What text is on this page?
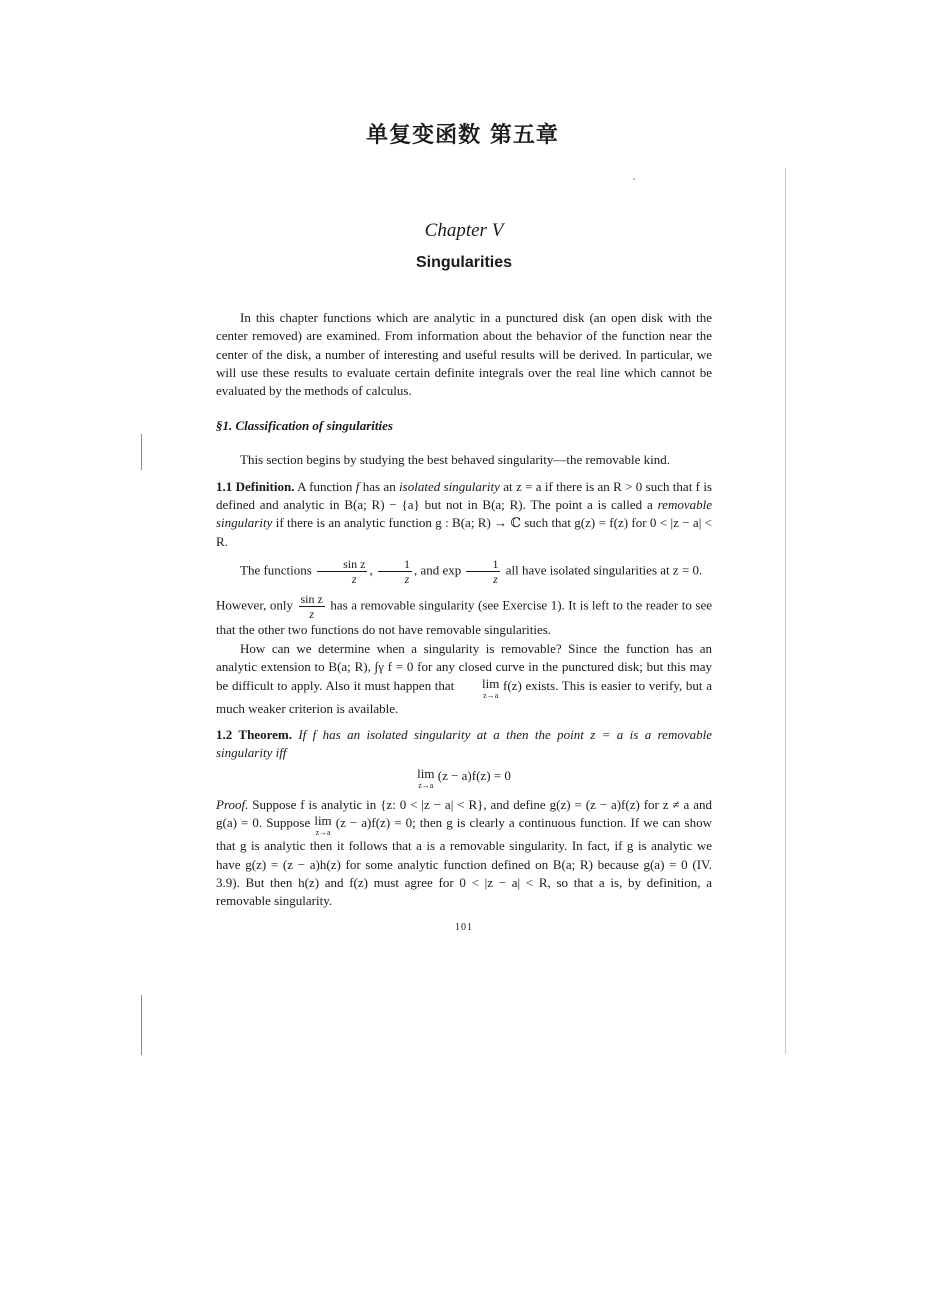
单复变函数 第五章
Chapter V
Singularities

In this chapter functions which are analytic in a punctured disk (an open disk with the center removed) are examined. From information about the behavior of the function near the center of the disk, a number of interesting and useful results will be derived. In particular, we will use these results to evaluate certain definite integrals over the real line which cannot be evaluated by the methods of calculus.

§1. Classification of singularities

This section begins by studying the best behaved singularity—the removable kind.

1.1 Definition. A function f has an isolated singularity at z = a if there is an R > 0 such that f is defined and analytic in B(a; R) − {a} but not in B(a; R). The point a is called a removable singularity if there is an analytic function g : B(a; R) → ℂ such that g(z) = f(z) for 0 < |z − a| < R.

The functions $\frac{\text{sin z}}{z}$ , $\frac{1}{z}$ , and $\exp \frac{1}{z}$ all have isolated singularities at z = 0.

However, only $\frac{\text{sin z}}{z}$ has a removable singularity (see Exercise 1). It is left to the reader to see that the other two functions do not have removable singularities.

How can we determine when a singularity is removable? Since the function has an analytic extension to B(a; R), ∫γ f = 0 for any closed curve in the punctured disk; but this may be difficult to apply. Also it must happen that lim
z→a
f(z) exists. This is easier to verify, but a much weaker criterion is available.

1.2 Theorem. If f has an isolated singularity at a then the point z = a is a removable singularity iff

lim
z→a
(z − a)f(z) = 0

Proof. Suppose f is analytic in {z: 0 < |z − a| < R}, and define g(z) = (z − a)f(z) for z ≠ a and g(a) = 0. Suppose lim
z→a
(z − a)f(z) = 0; then g is clearly a continuous function. If we can show that g is analytic then it follows that a is a removable singularity. In fact, if g is analytic we have g(z) = (z − a)h(z) for some analytic function defined on B(a; R) because g(a) = 0 (IV. 3.9). But then h(z) and f(z) must agree for 0 < |z − a| < R, so that a is, by definition, a removable singularity.

101
